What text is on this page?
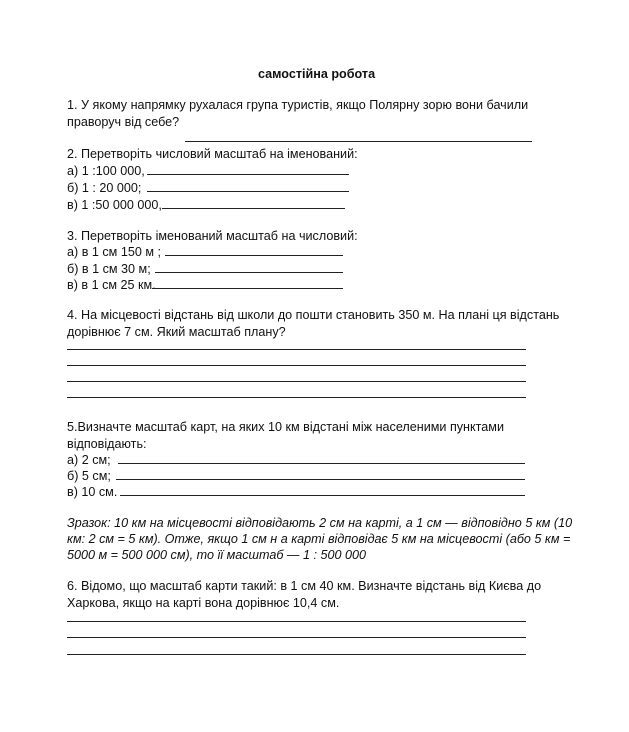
самостійна робота
1. У якому напрямку рухалася група туристів, якщо Полярну зорю вони бачили
праворуч від себе?
2. Перетворіть числовий масштаб на іменований:
а) 1 :100 000,
б) 1 : 20 000;
в) 1 :50 000 000,
3. Перетворіть іменований масштаб на числовий:
а) в 1 см 150 м ;
б) в 1 см 30 м;
в) в 1 см 25 км.
4. На місцевості відстань від школи до пошти становить 350 м. На плані ця відстань
дорівнює 7 см. Який масштаб плану?
5.Визначте масштаб карт, на яких 10 км відстані між населеними пунктами
відповідають:
а) 2 см;
б) 5 см;
в) 10 см.
Зразок: 10 км на місцевості відповідають 2 см на карті, а 1 см — відповідно 5 км (10
км: 2 см = 5 км). Отже, якщо 1 см н а карті відповідає 5 км на місцевості (або 5 км =
5000 м = 500 000 см), то її масштаб — 1 : 500 000
6. Відомо, що масштаб карти такий: в 1 см 40 км. Визначте відстань від Києва до
Харкова, якщо на карті вона дорівнює 10,4 см.
